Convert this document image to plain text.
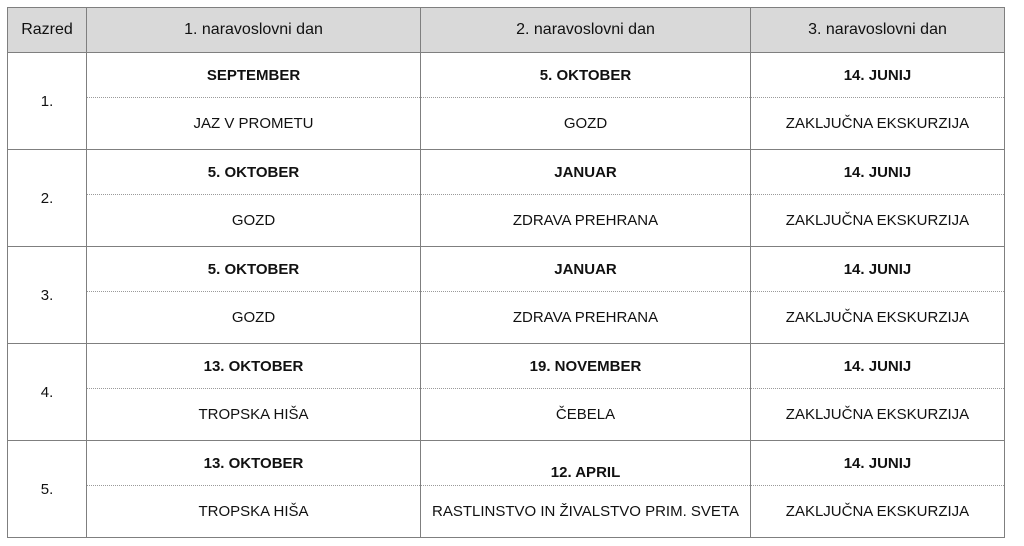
Razred	1. naravoslovni dan	2. naravoslovni dan	3. naravoslovni dan
1.	SEPTEMBER	5. OKTOBER	14. JUNIJ
	JAZ V PROMETU	GOZD	ZAKLJUČNA EKSKURZIJA
2.	5. OKTOBER	JANUAR	14. JUNIJ
	GOZD	ZDRAVA PREHRANA	ZAKLJUČNA EKSKURZIJA
3.	5. OKTOBER	JANUAR	14. JUNIJ
	GOZD	ZDRAVA PREHRANA	ZAKLJUČNA EKSKURZIJA
4.	13. OKTOBER	19. NOVEMBER	14. JUNIJ
	TROPSKA HIŠA	ČEBELA	ZAKLJUČNA EKSKURZIJA
5.	13. OKTOBER	12. APRIL	14. JUNIJ
	TROPSKA HIŠA	RASTLINSTVO IN ŽIVALSTVO PRIM. SVETA	ZAKLJUČNA EKSKURZIJA
